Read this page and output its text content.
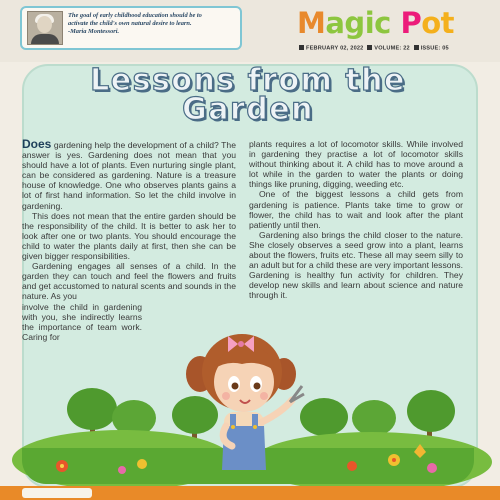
The goal of early childhood education should be to
activate the child's own natural desire to learn.
-Maria Montessori.	Magic Pot
FEBRUARY 02, 2022 VOLUME: 22 ISSUE: 05
Lessons from the
Garden

Does gardening help the development of a child? The answer is yes. Gardening does not mean that you should have a lot of plants. Even nurturing single plant, can be considered as gardening. Nature is a treasure house of knowledge. One who observes plants gains a lot of first hand information. So let the child involve in gardening.

This does not mean that the entire garden should be the responsibility of the child. It is better to ask her to look after one or two plants. You should encourage the child to water the plants daily at first, then she can be given bigger responsibilities.

Gardening engages all senses of a child. In the garden they can touch and feel the flowers and fruits and get accustomed to natural scents and sounds in the nature. As you

involve the child in gardening with you, she indirectly learns the importance of team work. Caring for

plants requires a lot of locomotor skills. While involved in gardening they practise a lot of locomotor skills without thinking about it. A child has to move around a lot while in the garden to water the plants or doing things like pruning, digging, weeding etc.

One of the biggest lessons a child gets from gardening is patience. Plants take time to grow or flower, the child has to wait and look after the plant patiently until then.

Gardening also brings the child closer to the nature. She closely observes a seed grow into a plant, learns about the flowers, fruits etc. These all may seem silly to an adult but for a child these are very important lessons. Gardening is healthy fun activity for children. They develop new skills and learn about science and nature through it.
